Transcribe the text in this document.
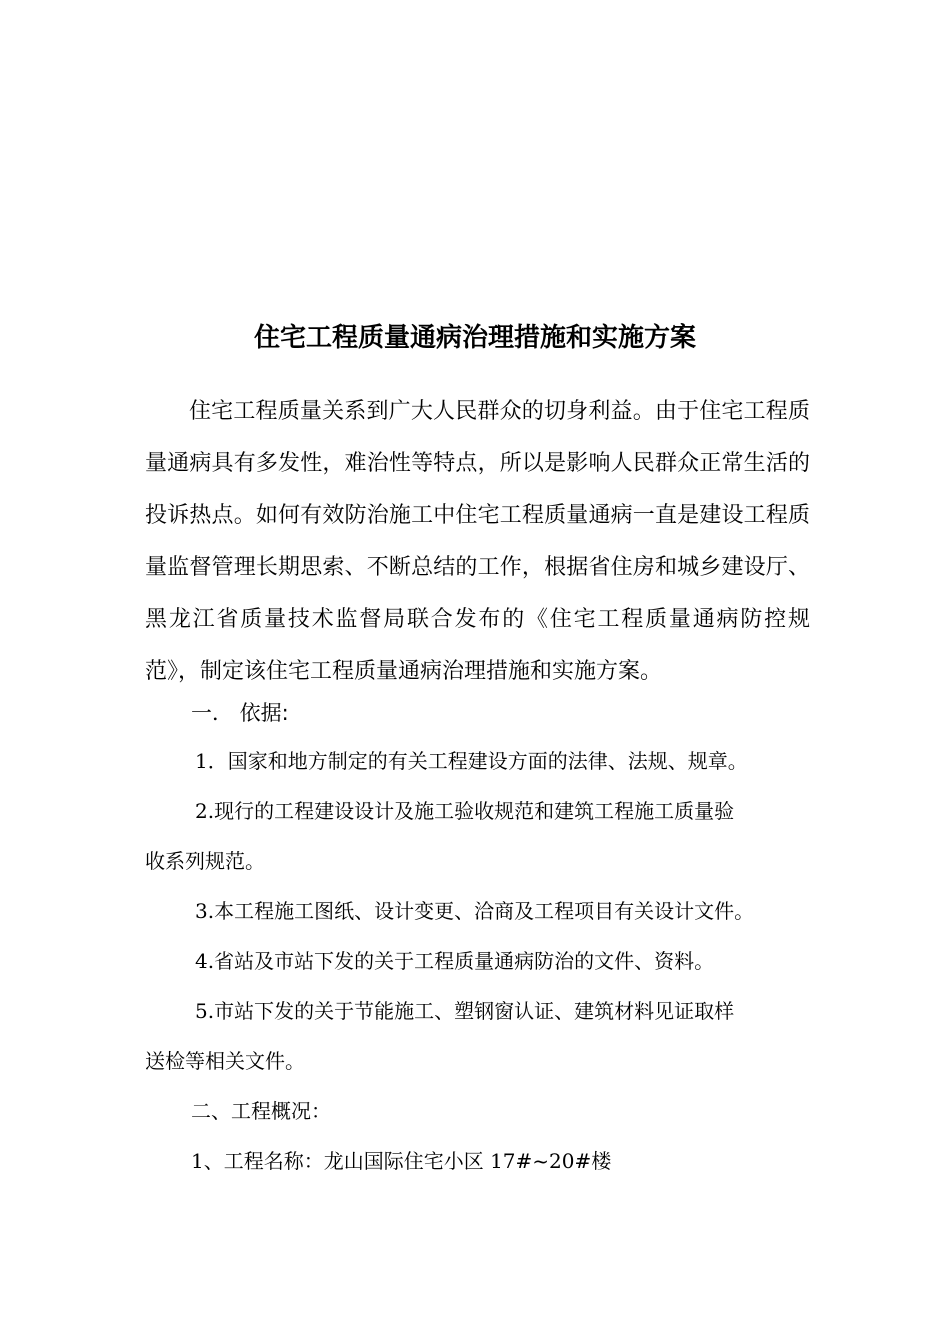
住宅工程质量通病治理措施和实施方案
住宅工程质量关系到广大人民群众的切身利益。由于住宅工程质量通病具有多发性，难治性等特点，所以是影响人民群众正常生活的投诉热点。如何有效防治施工中住宅工程质量通病一直是建设工程质量监督管理长期思索、不断总结的工作，根据省住房和城乡建设厅、黑龙江省质量技术监督局联合发布的《住宅工程质量通病防控规范》，制定该住宅工程质量通病治理措施和实施方案。
一． 依据:
1．国家和地方制定的有关工程建设方面的法律、法规、规章。
2.现行的工程建设设计及施工验收规范和建筑工程施工质量验
收系列规范。
3.本工程施工图纸、设计变更、洽商及工程项目有关设计文件。
4.省站及市站下发的关于工程质量通病防治的文件、资料。
5.市站下发的关于节能施工、塑钢窗认证、建筑材料见证取样
送检等相关文件。
二、工程概况：
1、工程名称：龙山国际住宅小区 17#~20#楼
